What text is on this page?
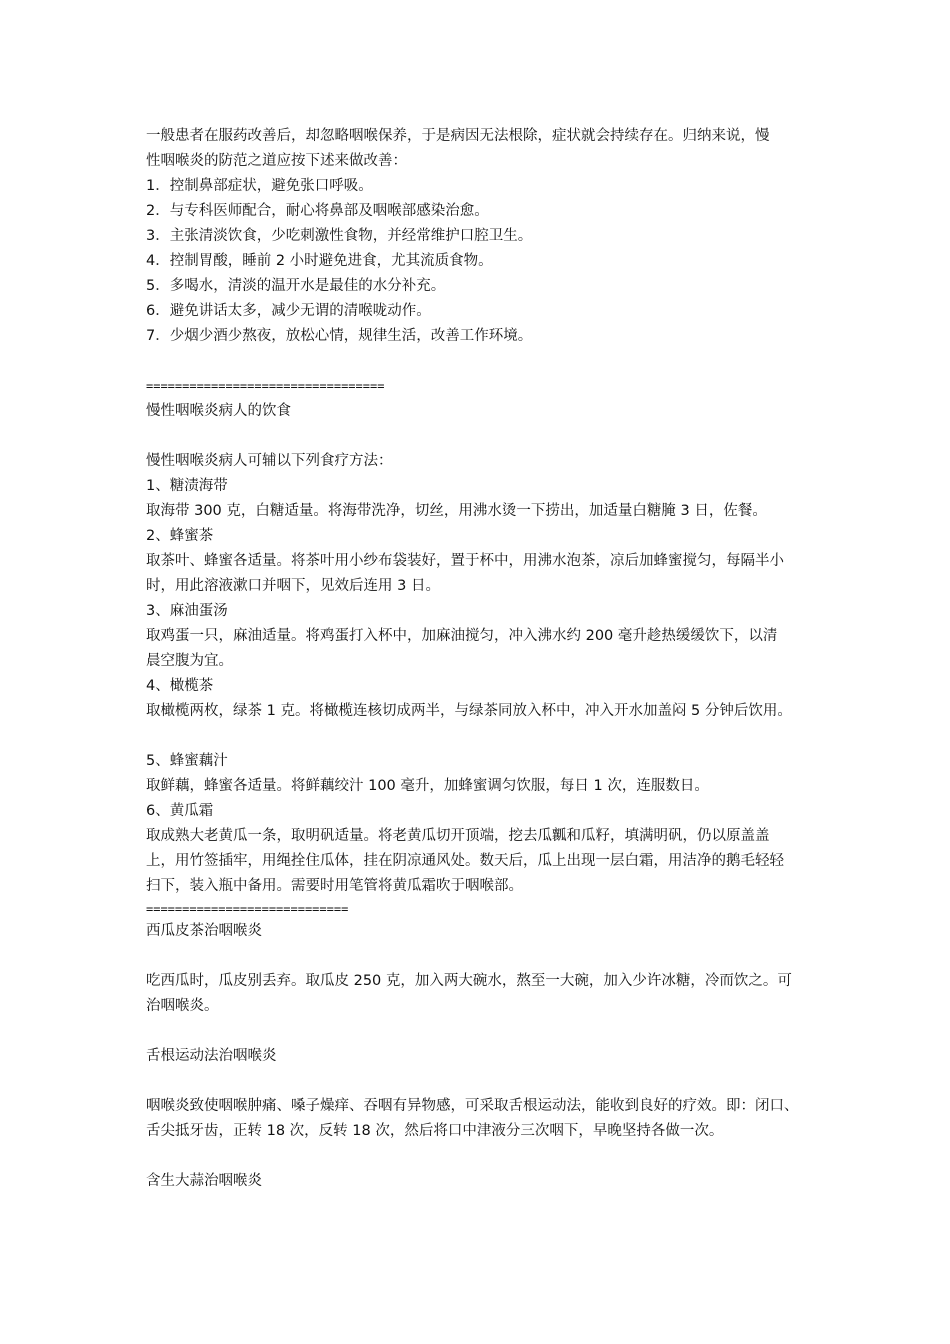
一般患者在服药改善后，却忽略咽喉保养，于是病因无法根除，症状就会持续存在。归纳来说，慢
性咽喉炎的防范之道应按下述来做改善：
1．控制鼻部症状，避免张口呼吸。
2．与专科医师配合，耐心将鼻部及咽喉部感染治愈。
3．主张清淡饮食，少吃刺激性食物，并经常维护口腔卫生。
4．控制胃酸，睡前 2 小时避免进食，尤其流质食物。
5．多喝水，清淡的温开水是最佳的水分补充。
6．避免讲话太多，减少无谓的清喉咙动作。
7．少烟少酒少熬夜，放松心情，规律生活，改善工作环境。
=================================
慢性咽喉炎病人的饮食
慢性咽喉炎病人可辅以下列食疗方法：
1、糖渍海带
取海带 300 克，白糖适量。将海带洗净，切丝，用沸水烫一下捞出，加适量白糖腌 3 日，佐餐。
2、蜂蜜茶
取茶叶、蜂蜜各适量。将茶叶用小纱布袋装好，置于杯中，用沸水泡茶，凉后加蜂蜜搅匀，每隔半小
时，用此溶液漱口并咽下，见效后连用 3 日。
3、麻油蛋汤
取鸡蛋一只，麻油适量。将鸡蛋打入杯中，加麻油搅匀，冲入沸水约 200 毫升趁热缓缓饮下，以清
晨空腹为宜。
4、橄榄茶
取橄榄两枚，绿茶 1 克。将橄榄连核切成两半，与绿茶同放入杯中，冲入开水加盖闷 5 分钟后饮用。
5、蜂蜜藕汁
取鲜藕，蜂蜜各适量。将鲜藕绞汁 100 毫升，加蜂蜜调匀饮服，每日 1 次，连服数日。
6、黄瓜霜
取成熟大老黄瓜一条，取明矾适量。将老黄瓜切开顶端，挖去瓜瓤和瓜籽，填满明矾，仍以原盖盖
上，用竹签插牢，用绳拴住瓜体，挂在阴凉通风处。数天后，瓜上出现一层白霜，用洁净的鹅毛轻轻
扫下，装入瓶中备用。需要时用笔管将黄瓜霜吹于咽喉部。
============================
西瓜皮茶治咽喉炎
吃西瓜时，瓜皮别丢弃。取瓜皮 250 克，加入两大碗水，熬至一大碗，加入少许冰糖，冷而饮之。可
治咽喉炎。
舌根运动法治咽喉炎
咽喉炎致使咽喉肿痛、嗓子燥痒、吞咽有异物感，可采取舌根运动法，能收到良好的疗效。即：闭口、
舌尖抵牙齿，正转 18 次，反转 18 次，然后将口中津液分三次咽下，早晚坚持各做一次。
含生大蒜治咽喉炎
